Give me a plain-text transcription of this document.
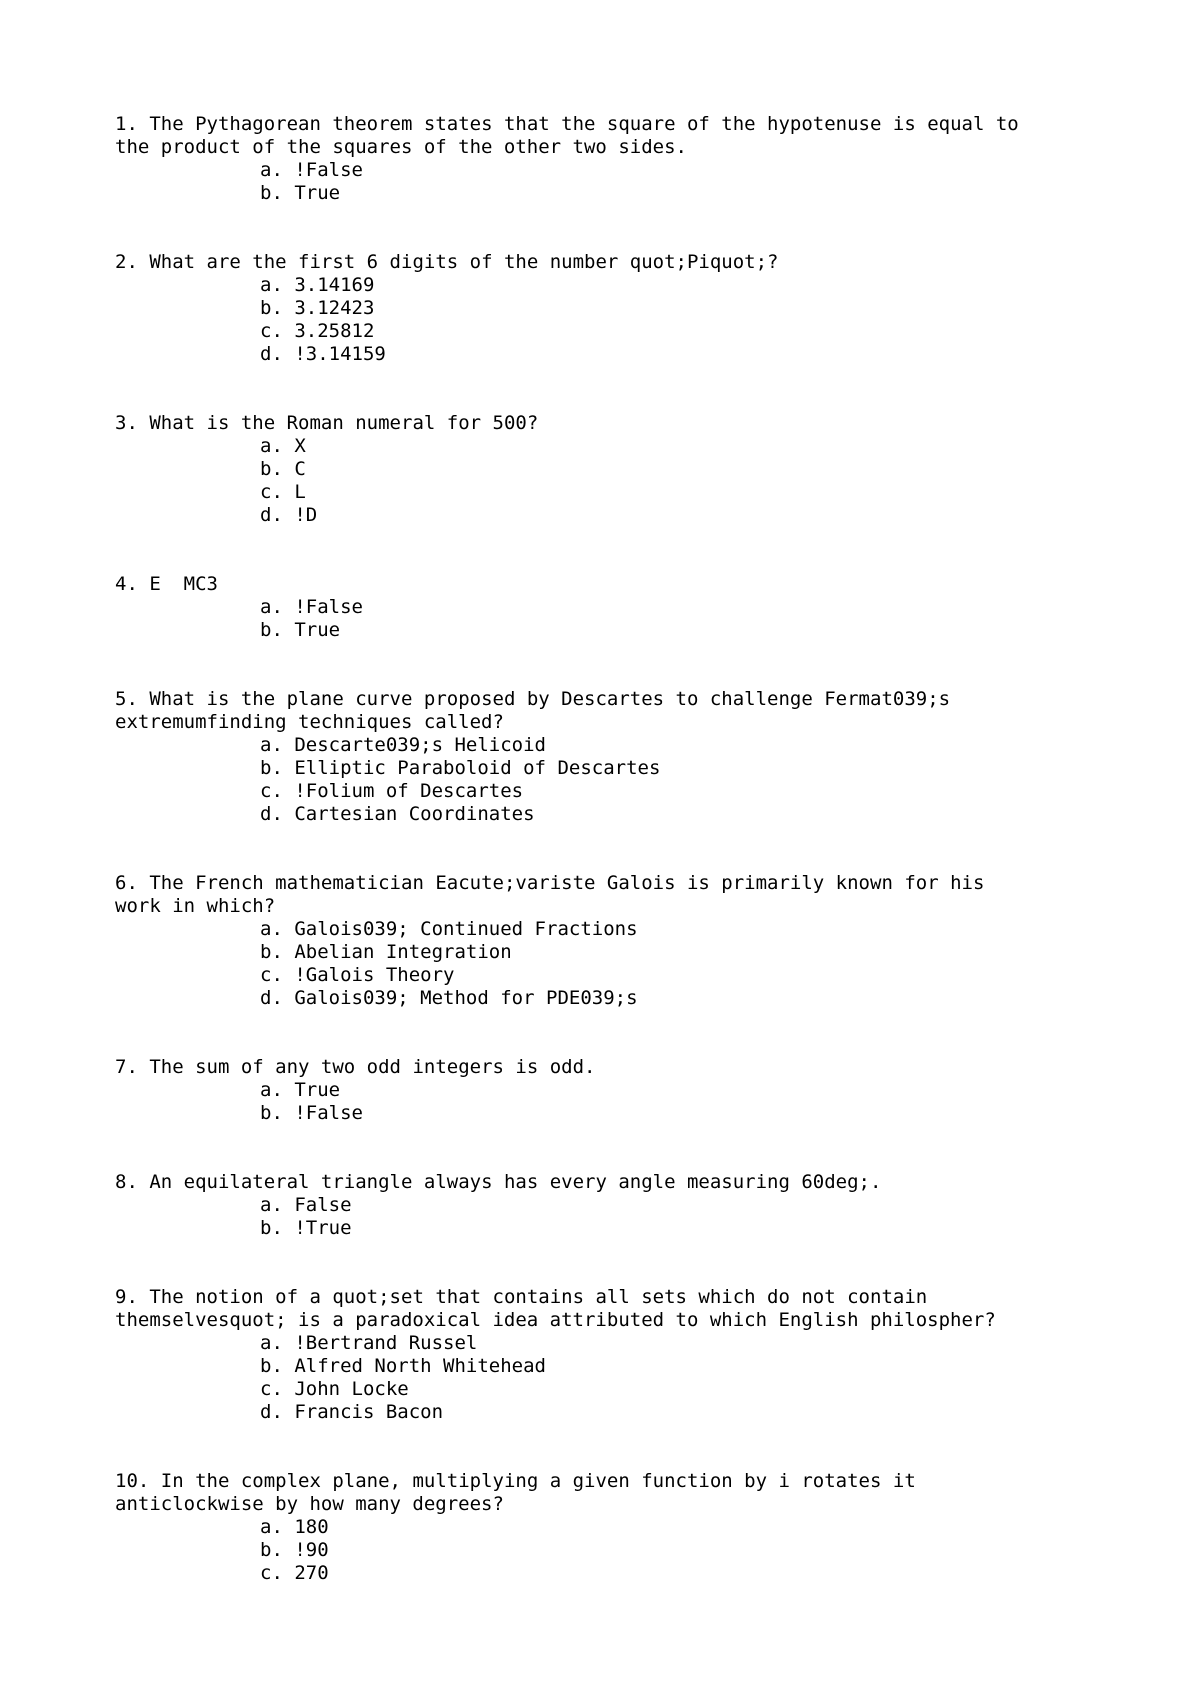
1. The Pythagorean theorem states that the square of the hypotenuse is equal to
the product of the squares of the other two sides.
a. !False
b. True
2. What are the first 6 digits of the number quot;Piquot;?
a. 3.14169
b. 3.12423
c. 3.25812
d. !3.14159
3. What is the Roman numeral for 500?
a. X
b. C
c. L
d. !D
4. E  MC3
a. !False
b. True
5. What is the plane curve proposed by Descartes to challenge Fermat039;s
extremumfinding techniques called?
a. Descarte039;s Helicoid
b. Elliptic Paraboloid of Descartes
c. !Folium of Descartes
d. Cartesian Coordinates
6. The French mathematician Eacute;variste Galois is primarily known for his
work in which?
a. Galois039; Continued Fractions
b. Abelian Integration
c. !Galois Theory
d. Galois039; Method for PDE039;s
7. The sum of any two odd integers is odd.
a. True
b. !False
8. An equilateral triangle always has every angle measuring 60deg;.
a. False
b. !True
9. The notion of a quot;set that contains all sets which do not contain
themselvesquot; is a paradoxical idea attributed to which English philospher?
a. !Bertrand Russel
b. Alfred North Whitehead
c. John Locke
d. Francis Bacon
10. In the complex plane, multiplying a given function by i rotates it
anticlockwise by how many degrees?
a. 180
b. !90
c. 270
